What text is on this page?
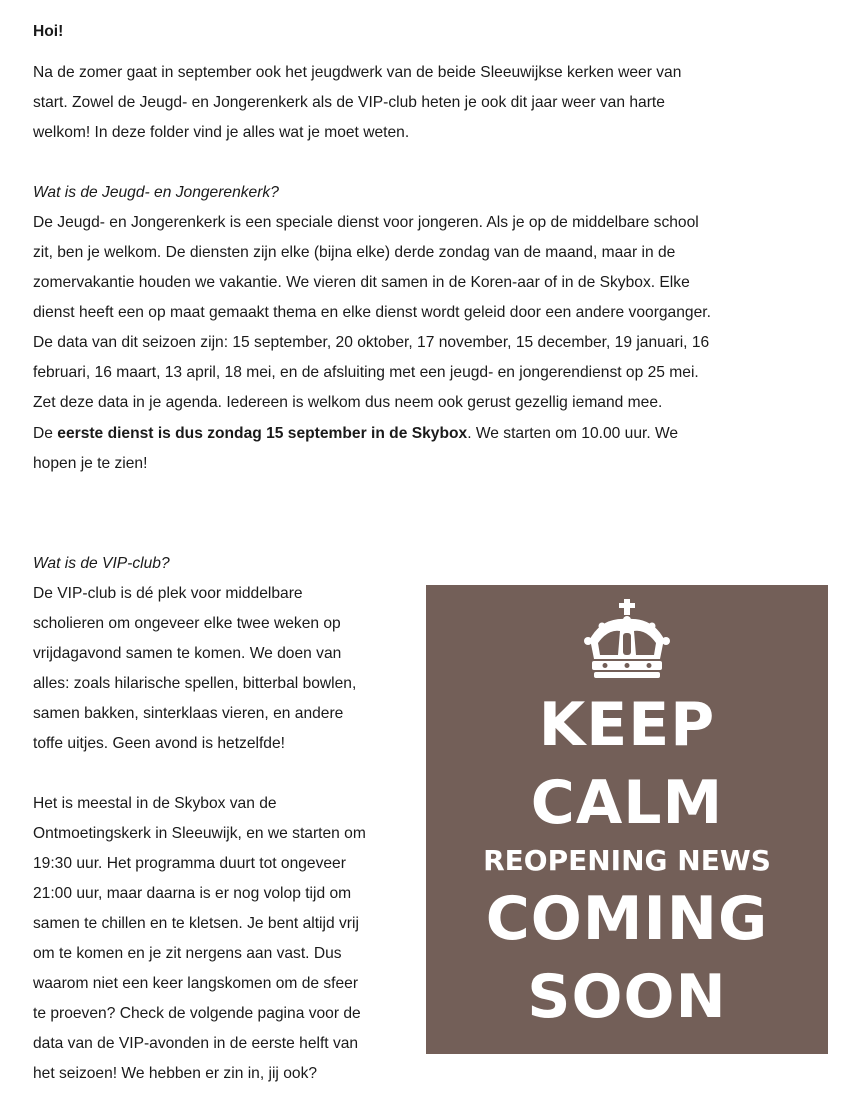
Hoi!
Na de zomer gaat in september ook het jeugdwerk van de beide Sleeuwijkse kerken weer van
start. Zowel de Jeugd- en Jongerenkerk als de VIP-club heten je ook dit jaar weer van harte
welkom! In deze folder vind je alles wat je moet weten.
Wat is de Jeugd- en Jongerenkerk?
De Jeugd- en Jongerenkerk is een speciale dienst voor jongeren. Als je op de middelbare school
zit, ben je welkom. De diensten zijn elke (bijna elke) derde zondag van de maand, maar in de
zomervakantie houden we vakantie. We vieren dit samen in de Koren-aar of in de Skybox. Elke
dienst heeft een op maat gemaakt thema en elke dienst wordt geleid door een andere voorganger.
De data van dit seizoen zijn: 15 september, 20 oktober, 17 november, 15 december, 19 januari, 16
februari, 16 maart, 13 april, 18 mei, en de afsluiting met een jeugd- en jongerendienst op 25 mei.
Zet deze data in je agenda. Iedereen is welkom dus neem ook gerust gezellig iemand mee.
De eerste dienst is dus zondag 15 september in de Skybox. We starten om 10.00 uur. We
hopen je te zien!
Wat is de VIP-club?
De VIP-club is dé plek voor middelbare
scholieren om ongeveer elke twee weken op
vrijdagavond samen te komen. We doen van
alles: zoals hilarische spellen, bitterbal bowlen,
samen bakken, sinterklaas vieren, en andere
toffe uitjes. Geen avond is hetzelfde!
Het is meestal in de Skybox van de
Ontmoetingskerk in Sleeuwijk, en we starten om
19:30 uur. Het programma duurt tot ongeveer
21:00 uur, maar daarna is er nog volop tijd om
samen te chillen en te kletsen. Je bent altijd vrij
om te komen en je zit nergens aan vast. Dus
waarom niet een keer langskomen om de sfeer
te proeven? Check de volgende pagina voor de
data van de VIP-avonden in de eerste helft van
het seizoen! We hebben er zin in, jij ook?
KEEP
CALM
REOPENING NEWS
COMING
SOON
